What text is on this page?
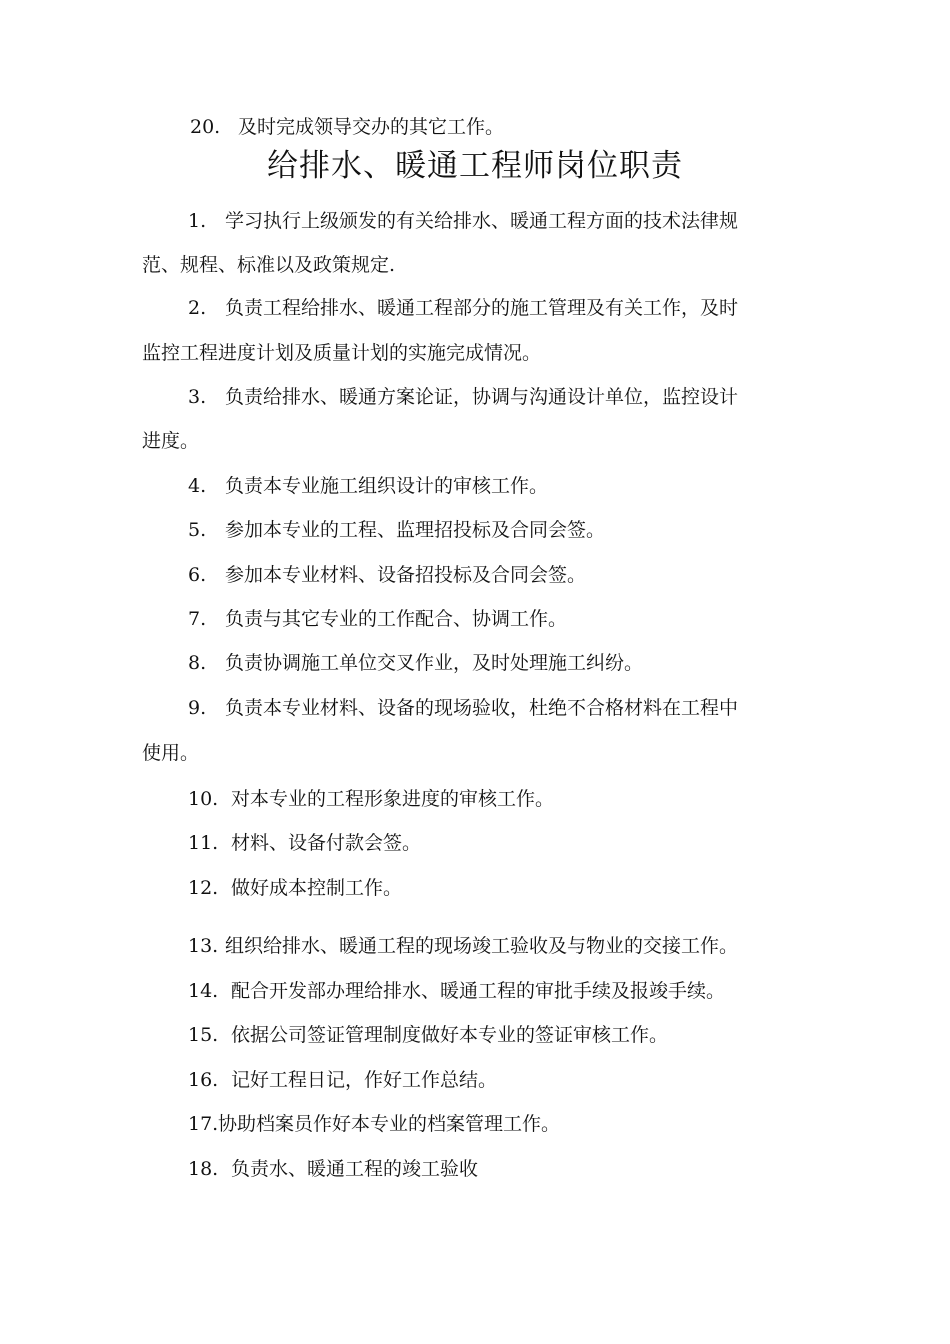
20. 及时完成领导交办的其它工作。
给排水、暖通工程师岗位职责
1. 学习执行上级颁发的有关给排水、暖通工程方面的技术法律规
范、规程、标准以及政策规定.
2. 负责工程给排水、暖通工程部分的施工管理及有关工作，及时
监控工程进度计划及质量计划的实施完成情况。
3. 负责给排水、暖通方案论证，协调与沟通设计单位，监控设计
进度。
4. 负责本专业施工组织设计的审核工作。
5. 参加本专业的工程、监理招投标及合同会签。
6. 参加本专业材料、设备招投标及合同会签。
7. 负责与其它专业的工作配合、协调工作。
8. 负责协调施工单位交叉作业，及时处理施工纠纷。
9. 负责本专业材料、设备的现场验收，杜绝不合格材料在工程中
使用。
10. 对本专业的工程形象进度的审核工作。
11. 材料、设备付款会签。
12. 做好成本控制工作。
13. 组织给排水、暖通工程的现场竣工验收及与物业的交接工作。
14. 配合开发部办理给排水、暖通工程的审批手续及报竣手续。
15. 依据公司签证管理制度做好本专业的签证审核工作。
16. 记好工程日记，作好工作总结。
17.协助档案员作好本专业的档案管理工作。
18. 负责水、暖通工程的竣工验收
